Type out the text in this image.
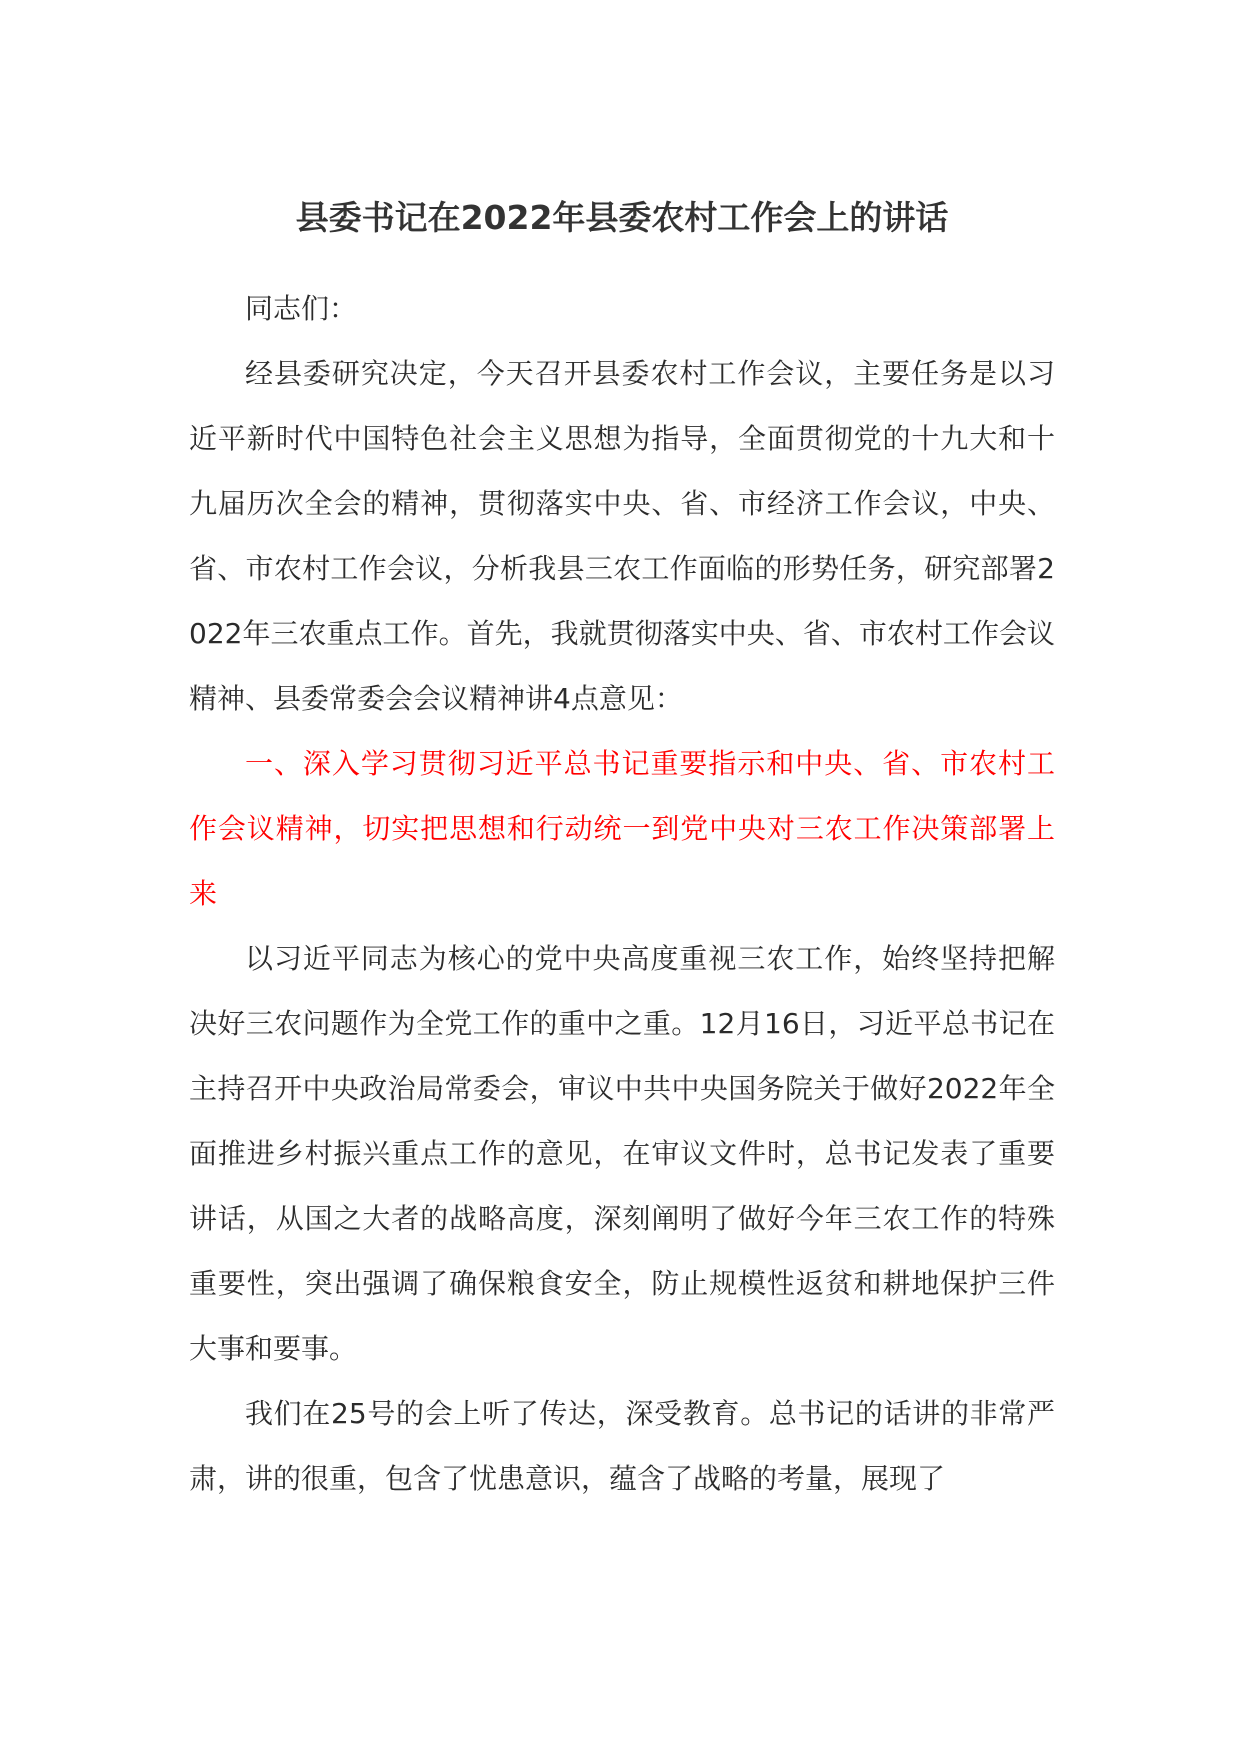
县委书记在2022年县委农村工作会上的讲话

同志们：

经县委研究决定，今天召开县委农村工作会议，主要任务是以习近平新时代中国特色社会主义思想为指导，全面贯彻党的十九大和十九届历次全会的精神，贯彻落实中央、省、市经济工作会议，中央、省、市农村工作会议，分析我县三农工作面临的形势任务，研究部署2022年三农重点工作。首先，我就贯彻落实中央、省、市农村工作会议精神、县委常委会会议精神讲4点意见：

一、深入学习贯彻习近平总书记重要指示和中央、省、市农村工作会议精神，切实把思想和行动统一到党中央对三农工作决策部署上来

以习近平同志为核心的党中央高度重视三农工作，始终坚持把解决好三农问题作为全党工作的重中之重。12月16日，习近平总书记在主持召开中央政治局常委会，审议中共中央国务院关于做好2022年全面推进乡村振兴重点工作的意见，在审议文件时，总书记发表了重要讲话，从国之大者的战略高度，深刻阐明了做好今年三农工作的特殊重要性，突出强调了确保粮食安全，防止规模性返贫和耕地保护三件大事和要事。

我们在25号的会上听了传达，深受教育。总书记的话讲的非常严肃，讲的很重，包含了忧患意识，蕴含了战略的考量，展现了
